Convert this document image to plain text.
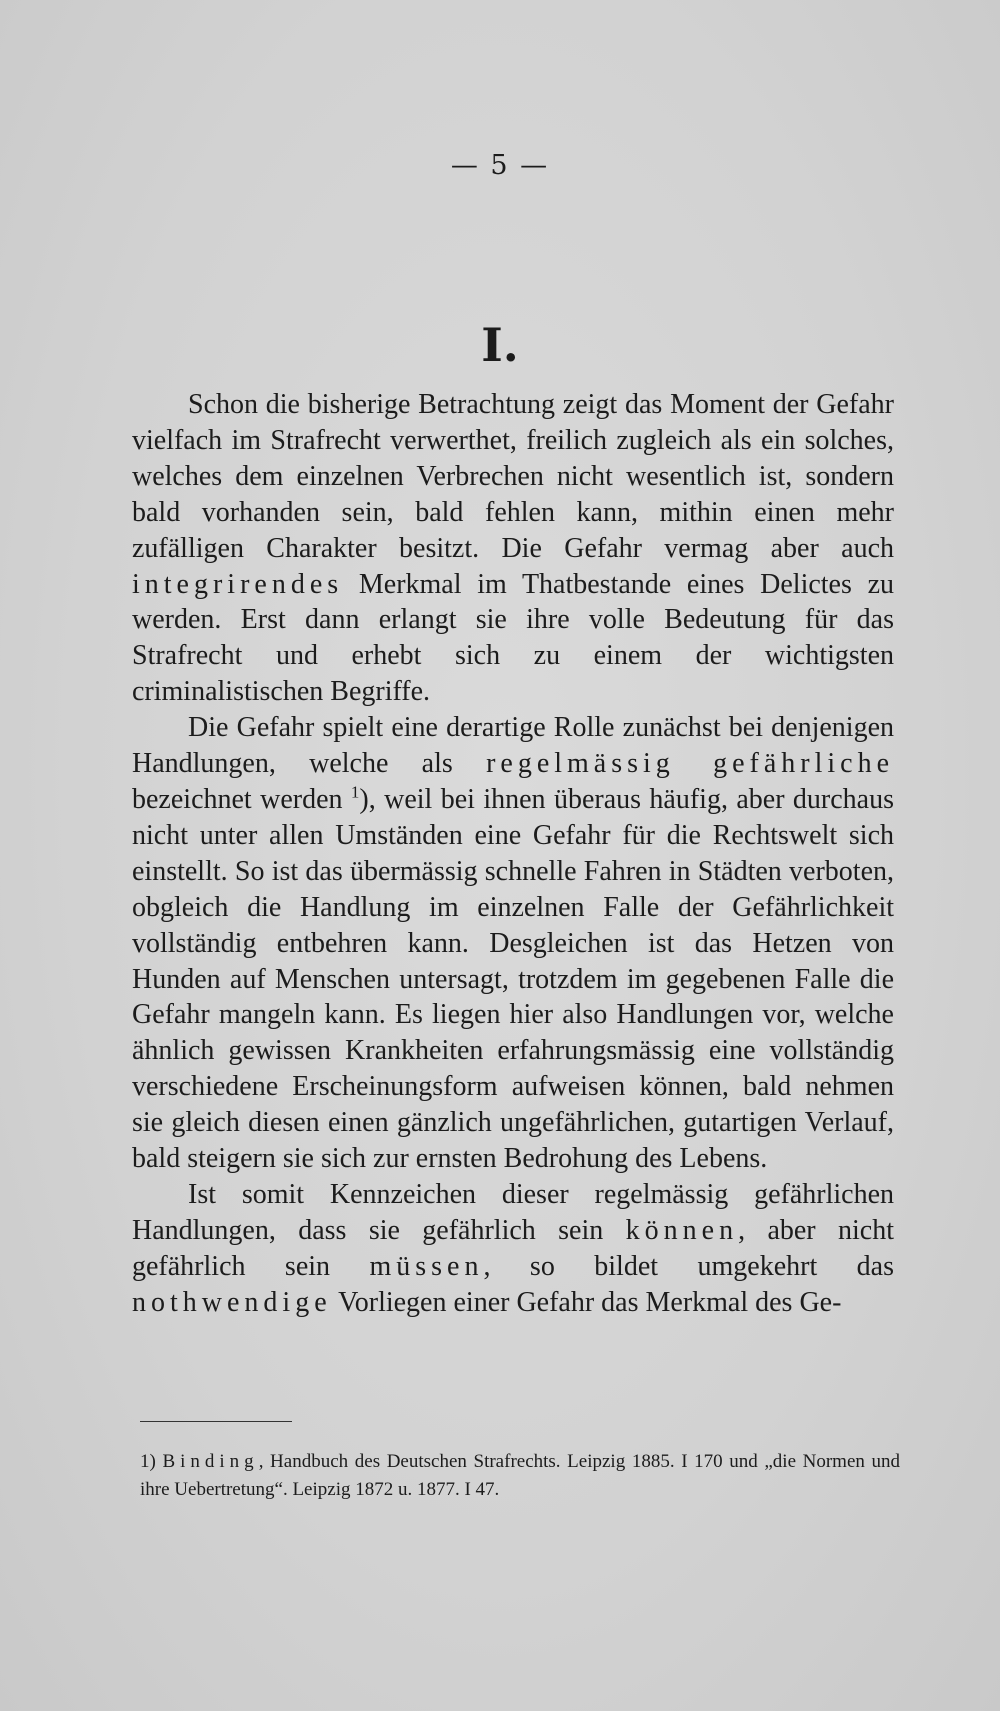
— 5 —
I.

Schon die bisherige Betrachtung zeigt das Moment der Gefahr vielfach im Strafrecht verwerthet, freilich zugleich als ein solches, welches dem einzelnen Verbrechen nicht wesentlich ist, sondern bald vorhanden sein, bald fehlen kann, mithin einen mehr zufälligen Charakter besitzt. Die Gefahr vermag aber auch integrirendes Merkmal im Thatbestande eines Delictes zu werden. Erst dann erlangt sie ihre volle Bedeutung für das Strafrecht und erhebt sich zu einem der wichtigsten criminalistischen Begriffe.

Die Gefahr spielt eine derartige Rolle zunächst bei denjenigen Handlungen, welche als regelmässig gefährliche bezeichnet werden $^1$), weil bei ihnen überaus häufig, aber durchaus nicht unter allen Umständen eine Gefahr für die Rechtswelt sich einstellt. So ist das übermässig schnelle Fahren in Städten verboten, obgleich die Handlung im einzelnen Falle der Gefährlichkeit vollständig entbehren kann. Desgleichen ist das Hetzen von Hunden auf Menschen untersagt, trotzdem im gegebenen Falle die Gefahr mangeln kann. Es liegen hier also Handlungen vor, welche ähnlich gewissen Krankheiten erfahrungsmässig eine vollständig verschiedene Erscheinungsform aufweisen können, bald nehmen sie gleich diesen einen gänzlich ungefährlichen, gutartigen Verlauf, bald steigern sie sich zur ernsten Bedrohung des Lebens.

Ist somit Kennzeichen dieser regelmässig gefährlichen Handlungen, dass sie gefährlich sein können, aber nicht gefährlich sein müssen, so bildet umgekehrt das nothwendige Vorliegen einer Gefahr das Merkmal des Ge-

1) Binding, Handbuch des Deutschen Strafrechts. Leipzig 1885. I 170 und „die Normen und ihre Uebertretung“. Leipzig 1872 u. 1877. I 47.
